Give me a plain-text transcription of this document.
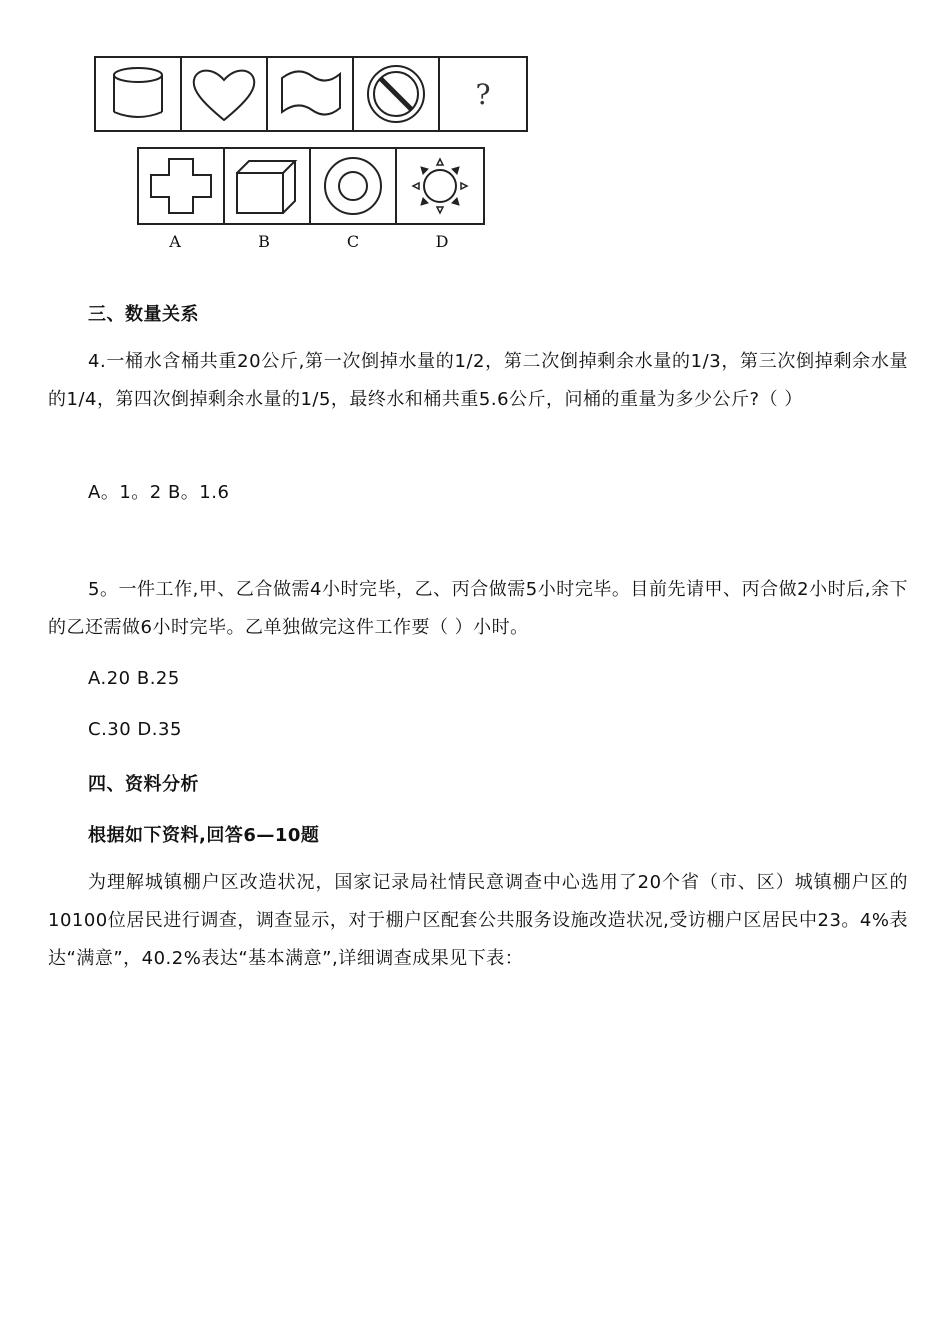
?
A	B	C	D

三、数量关系

4.一桶水含桶共重20公斤,第一次倒掉水量的1/2，第二次倒掉剩余水量的1/3，第三次倒掉剩余水量的1/4，第四次倒掉剩余水量的1/5，最终水和桶共重5.6公斤，问桶的重量为多少公斤?（ ）

A。1。2 B。1.6

5。一件工作,甲、乙合做需4小时完毕，乙、丙合做需5小时完毕。目前先请甲、丙合做2小时后,余下的乙还需做6小时完毕。乙单独做完这件工作要（ ）小时。

A.20 B.25

C.30 D.35

四、资料分析

根据如下资料,回答6—10题

为理解城镇棚户区改造状况，国家记录局社情民意调查中心选用了20个省（市、区）城镇棚户区的10100位居民进行调查，调查显示，对于棚户区配套公共服务设施改造状况,受访棚户区居民中23。4%表达“满意”，40.2%表达“基本满意”,详细调查成果见下表：
